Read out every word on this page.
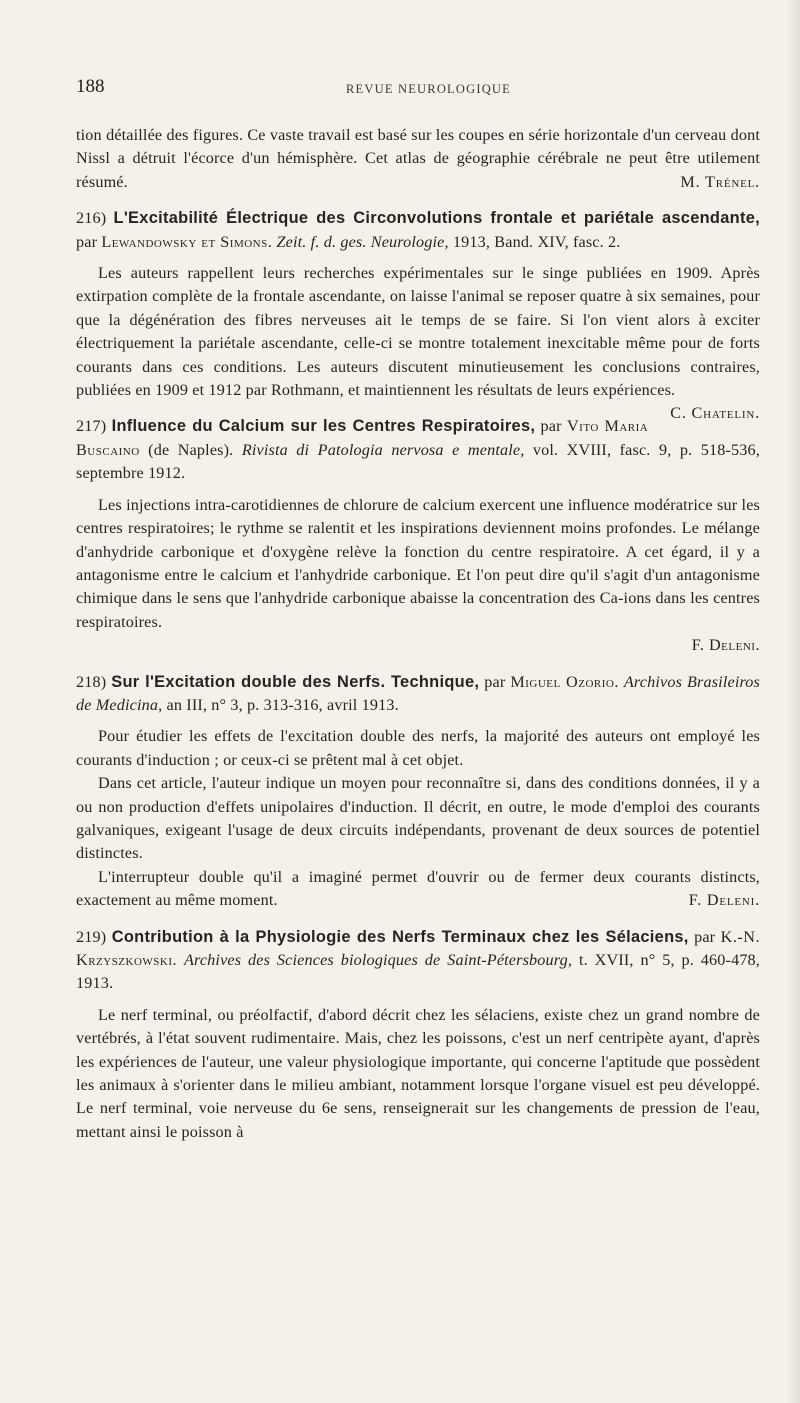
188	REVUE NEUROLOGIQUE

tion détaillée des figures. Ce vaste travail est basé sur les coupes en série horizontale d'un cerveau dont Nissl a détruit l'écorce d'un hémisphère. Cet atlas de géographie cérébrale ne peut être utilement résumé.	M. Trénel.

216) L'Excitabilité Électrique des Circonvolutions frontale et pariétale ascendante, par Lewandowsky et Simons. Zeit. f. d. ges. Neurologie, 1913, Band. XIV, fasc. 2.

Les auteurs rappellent leurs recherches expérimentales sur le singe publiées en 1909. Après extirpation complète de la frontale ascendante, on laisse l'animal se reposer quatre à six semaines, pour que la dégénération des fibres nerveuses ait le temps de se faire. Si l'on vient alors à exciter électriquement la pariétale ascendante, celle-ci se montre totalement inexcitable même pour de forts courants dans ces conditions. Les auteurs discutent minutieusement les conclusions contraires, publiées en 1909 et 1912 par Rothmann, et maintiennent les résultats de leurs expériences.
C. Chatelin.

217) Influence du Calcium sur les Centres Respiratoires, par Vito Maria Buscaino (de Naples). Rivista di Patologia nervosa e mentale, vol. XVIII, fasc. 9, p. 518-536, septembre 1912.

Les injections intra-carotidiennes de chlorure de calcium exercent une influence modératrice sur les centres respiratoires; le rythme se ralentit et les inspirations deviennent moins profondes. Le mélange d'anhydride carbonique et d'oxygène relève la fonction du centre respiratoire. A cet égard, il y a antagonisme entre le calcium et l'anhydride carbonique. Et l'on peut dire qu'il s'agit d'un antagonisme chimique dans le sens que l'anhydride carbonique abaisse la concentration des Ca-ions dans les centres respiratoires.

F. Deleni.

218) Sur l'Excitation double des Nerfs. Technique, par Miguel Ozorio. Archivos Brasileiros de Medicina, an III, n° 3, p. 313-316, avril 1913.

Pour étudier les effets de l'excitation double des nerfs, la majorité des auteurs ont employé les courants d'induction ; or ceux-ci se prêtent mal à cet objet.

Dans cet article, l'auteur indique un moyen pour reconnaître si, dans des conditions données, il y a ou non production d'effets unipolaires d'induction. Il décrit, en outre, le mode d'emploi des courants galvaniques, exigeant l'usage de deux circuits indépendants, provenant de deux sources de potentiel distinctes.

L'interrupteur double qu'il a imaginé permet d'ouvrir ou de fermer deux courants distincts, exactement au même moment.	F. Deleni.

219) Contribution à la Physiologie des Nerfs Terminaux chez les Sélaciens, par K.-N. Krzyszkowski. Archives des Sciences biologiques de Saint-Pétersbourg, t. XVII, n° 5, p. 460-478, 1913.

Le nerf terminal, ou préolfactif, d'abord décrit chez les sélaciens, existe chez un grand nombre de vertébrés, à l'état souvent rudimentaire. Mais, chez les poissons, c'est un nerf centripète ayant, d'après les expériences de l'auteur, une valeur physiologique importante, qui concerne l'aptitude que possèdent les animaux à s'orienter dans le milieu ambiant, notamment lorsque l'organe visuel est peu développé. Le nerf terminal, voie nerveuse du 6e sens, renseignerait sur les changements de pression de l'eau, mettant ainsi le poisson à
